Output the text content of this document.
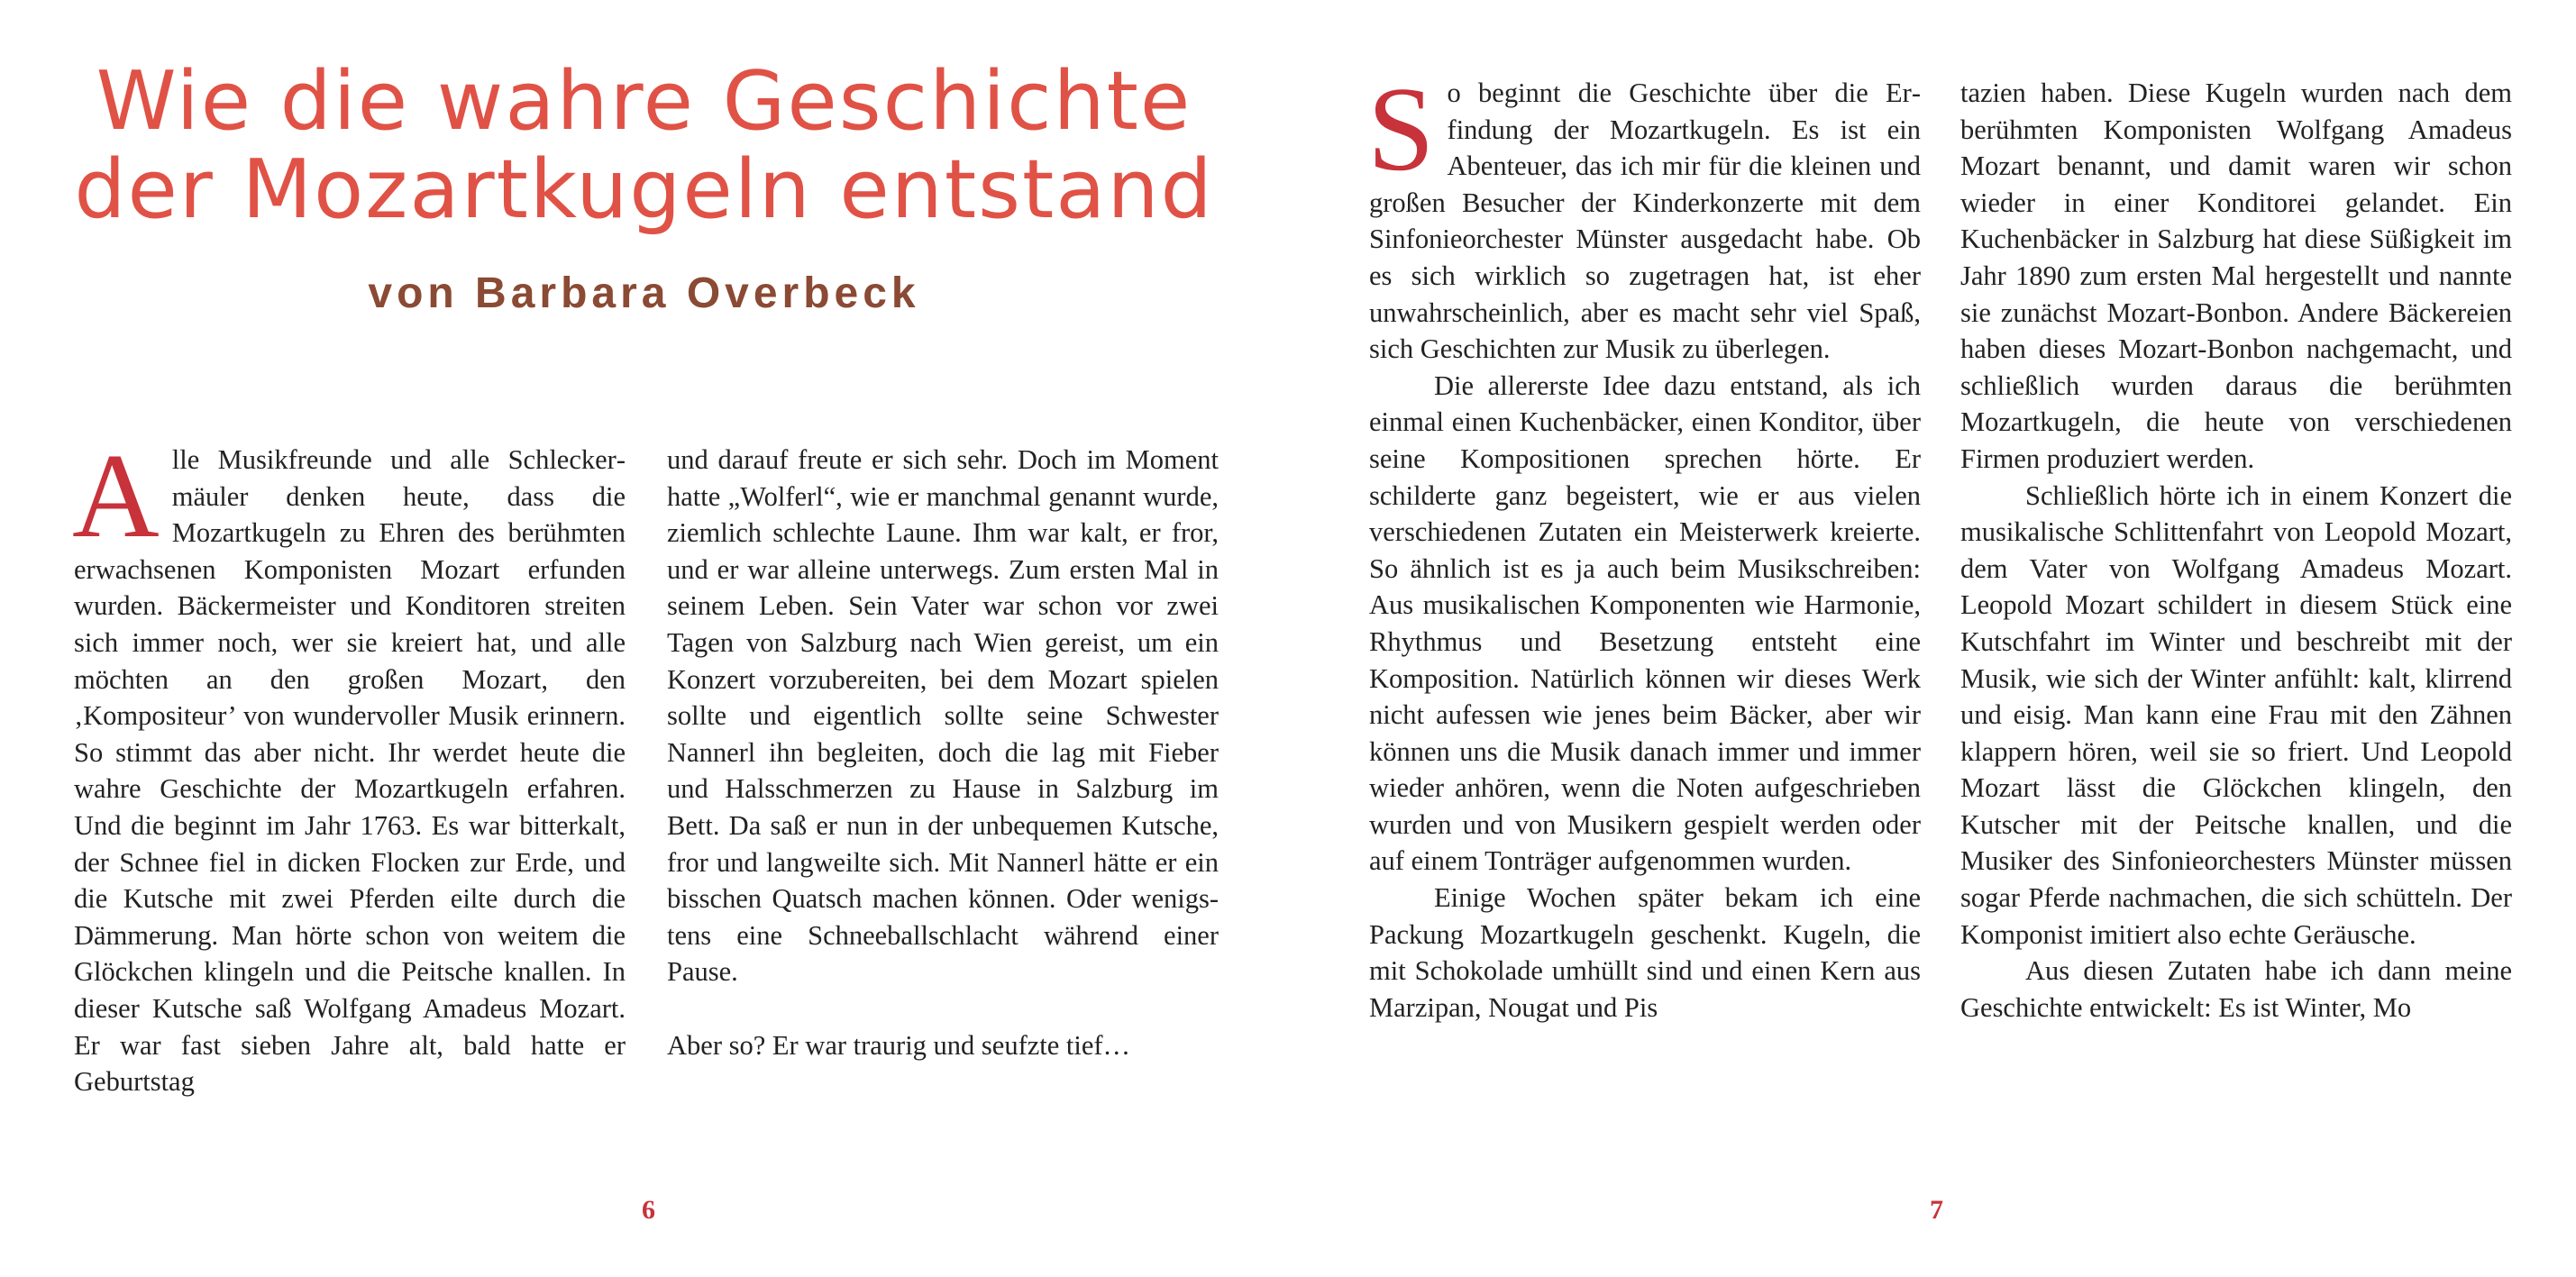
Wie die wahre Geschichte
der Mozartkugeln entstand
von Barbara Overbeck
A lle Musikfreunde und alle Schleckermäuler denken heute, dass die Mozartkugeln zu Ehren des berühmten erwachsenen Komponisten Mozart erfunden wurden. Bäckermeister und Konditoren streiten sich immer noch, wer sie kreiert hat, und alle möchten an den großen Mozart, den ‚Kompositeur’ von wundervoller Musik erinnern. So stimmt das aber nicht. Ihr werdet heute die wahre Geschichte der Mozartkugeln erfahren. Und die beginnt im Jahr 1763. Es war bitterkalt, der Schnee fiel in dicken Flocken zur Erde, und die Kutsche mit zwei Pferden eilte durch die Dämmerung. Man hörte schon von weitem die Glöckchen klingeln und die Peitsche knallen. In dieser Kutsche saß Wolfgang Amadeus Mozart. Er war fast sieben Jahre alt, bald hatte er Geburtstag

und darauf freute er sich sehr. Doch im Moment hatte „Wolferl“, wie er manchmal genannt wurde, ziemlich schlechte Laune. Ihm war kalt, er fror, und er war alleine unterwegs. Zum ersten Mal in seinem Leben. Sein Vater war schon vor zwei Tagen von Salzburg nach Wien gereist, um ein Konzert vorzubereiten, bei dem Mozart spielen sollte und eigentlich sollte seine Schwester Nannerl ihn begleiten, doch die lag mit Fieber und Halsschmerzen zu Hause in Salzburg im Bett. Da saß er nun in der unbequemen Kutsche, fror und langweilte sich. Mit Nannerl hätte er ein bisschen Quatsch machen können. Oder wenigstens eine Schneeballschlacht während einer Pause.

Aber so? Er war traurig und seufzte tief…

6
S o beginnt die Geschichte über die Erfindung der Mozartkugeln. Es ist ein Abenteuer, das ich mir für die kleinen und großen Besucher der Kinderkonzerte mit dem Sinfonieorchester Münster ausgedacht habe. Ob es sich wirklich so zugetragen hat, ist eher unwahrscheinlich, aber es macht sehr viel Spaß, sich Geschichten zur Musik zu überlegen.

Die allererste Idee dazu entstand, als ich einmal einen Kuchenbäcker, einen Konditor, über seine Kompositionen sprechen hörte. Er schilderte ganz begeistert, wie er aus vielen verschiedenen Zutaten ein Meisterwerk kreierte. So ähnlich ist es ja auch beim Musikschreiben: Aus musikalischen Komponenten wie Harmonie, Rhythmus und Besetzung entsteht eine Komposition. Natürlich können wir dieses Werk nicht aufessen wie jenes beim Bäcker, aber wir können uns die Musik danach immer und immer wieder anhören, wenn die Noten aufgeschrieben wurden und von Musikern gespielt werden oder auf einem Tonträger aufgenommen wurden.

Einige Wochen später bekam ich eine Packung Mozartkugeln geschenkt. Kugeln, die mit Schokolade umhüllt sind und einen Kern aus Marzipan, Nougat und Pis

tazien haben. Diese Kugeln wurden nach dem berühmten Komponisten Wolfgang Amadeus Mozart benannt, und damit waren wir schon wieder in einer Konditorei gelandet. Ein Kuchenbäcker in Salzburg hat diese Süßigkeit im Jahr 1890 zum ersten Mal hergestellt und nannte sie zunächst Mozart-Bonbon. Andere Bäckereien haben dieses Mozart-Bonbon nachgemacht, und schließlich wurden daraus die berühmten Mozartkugeln, die heute von verschiedenen Firmen produziert werden.

Schließlich hörte ich in einem Konzert die musikalische Schlittenfahrt von Leopold Mozart, dem Vater von Wolfgang Amadeus Mozart. Leopold Mozart schildert in diesem Stück eine Kutschfahrt im Winter und beschreibt mit der Musik, wie sich der Winter anfühlt: kalt, klirrend und eisig. Man kann eine Frau mit den Zähnen klappern hören, weil sie so friert. Und Leopold Mozart lässt die Glöckchen klingeln, den Kutscher mit der Peitsche knallen, und die Musiker des Sinfonieorchesters Münster müssen sogar Pferde nachmachen, die sich schütteln. Der Komponist imitiert also echte Geräusche.

Aus diesen Zutaten habe ich dann meine Geschichte entwickelt: Es ist Winter, Mo

7
